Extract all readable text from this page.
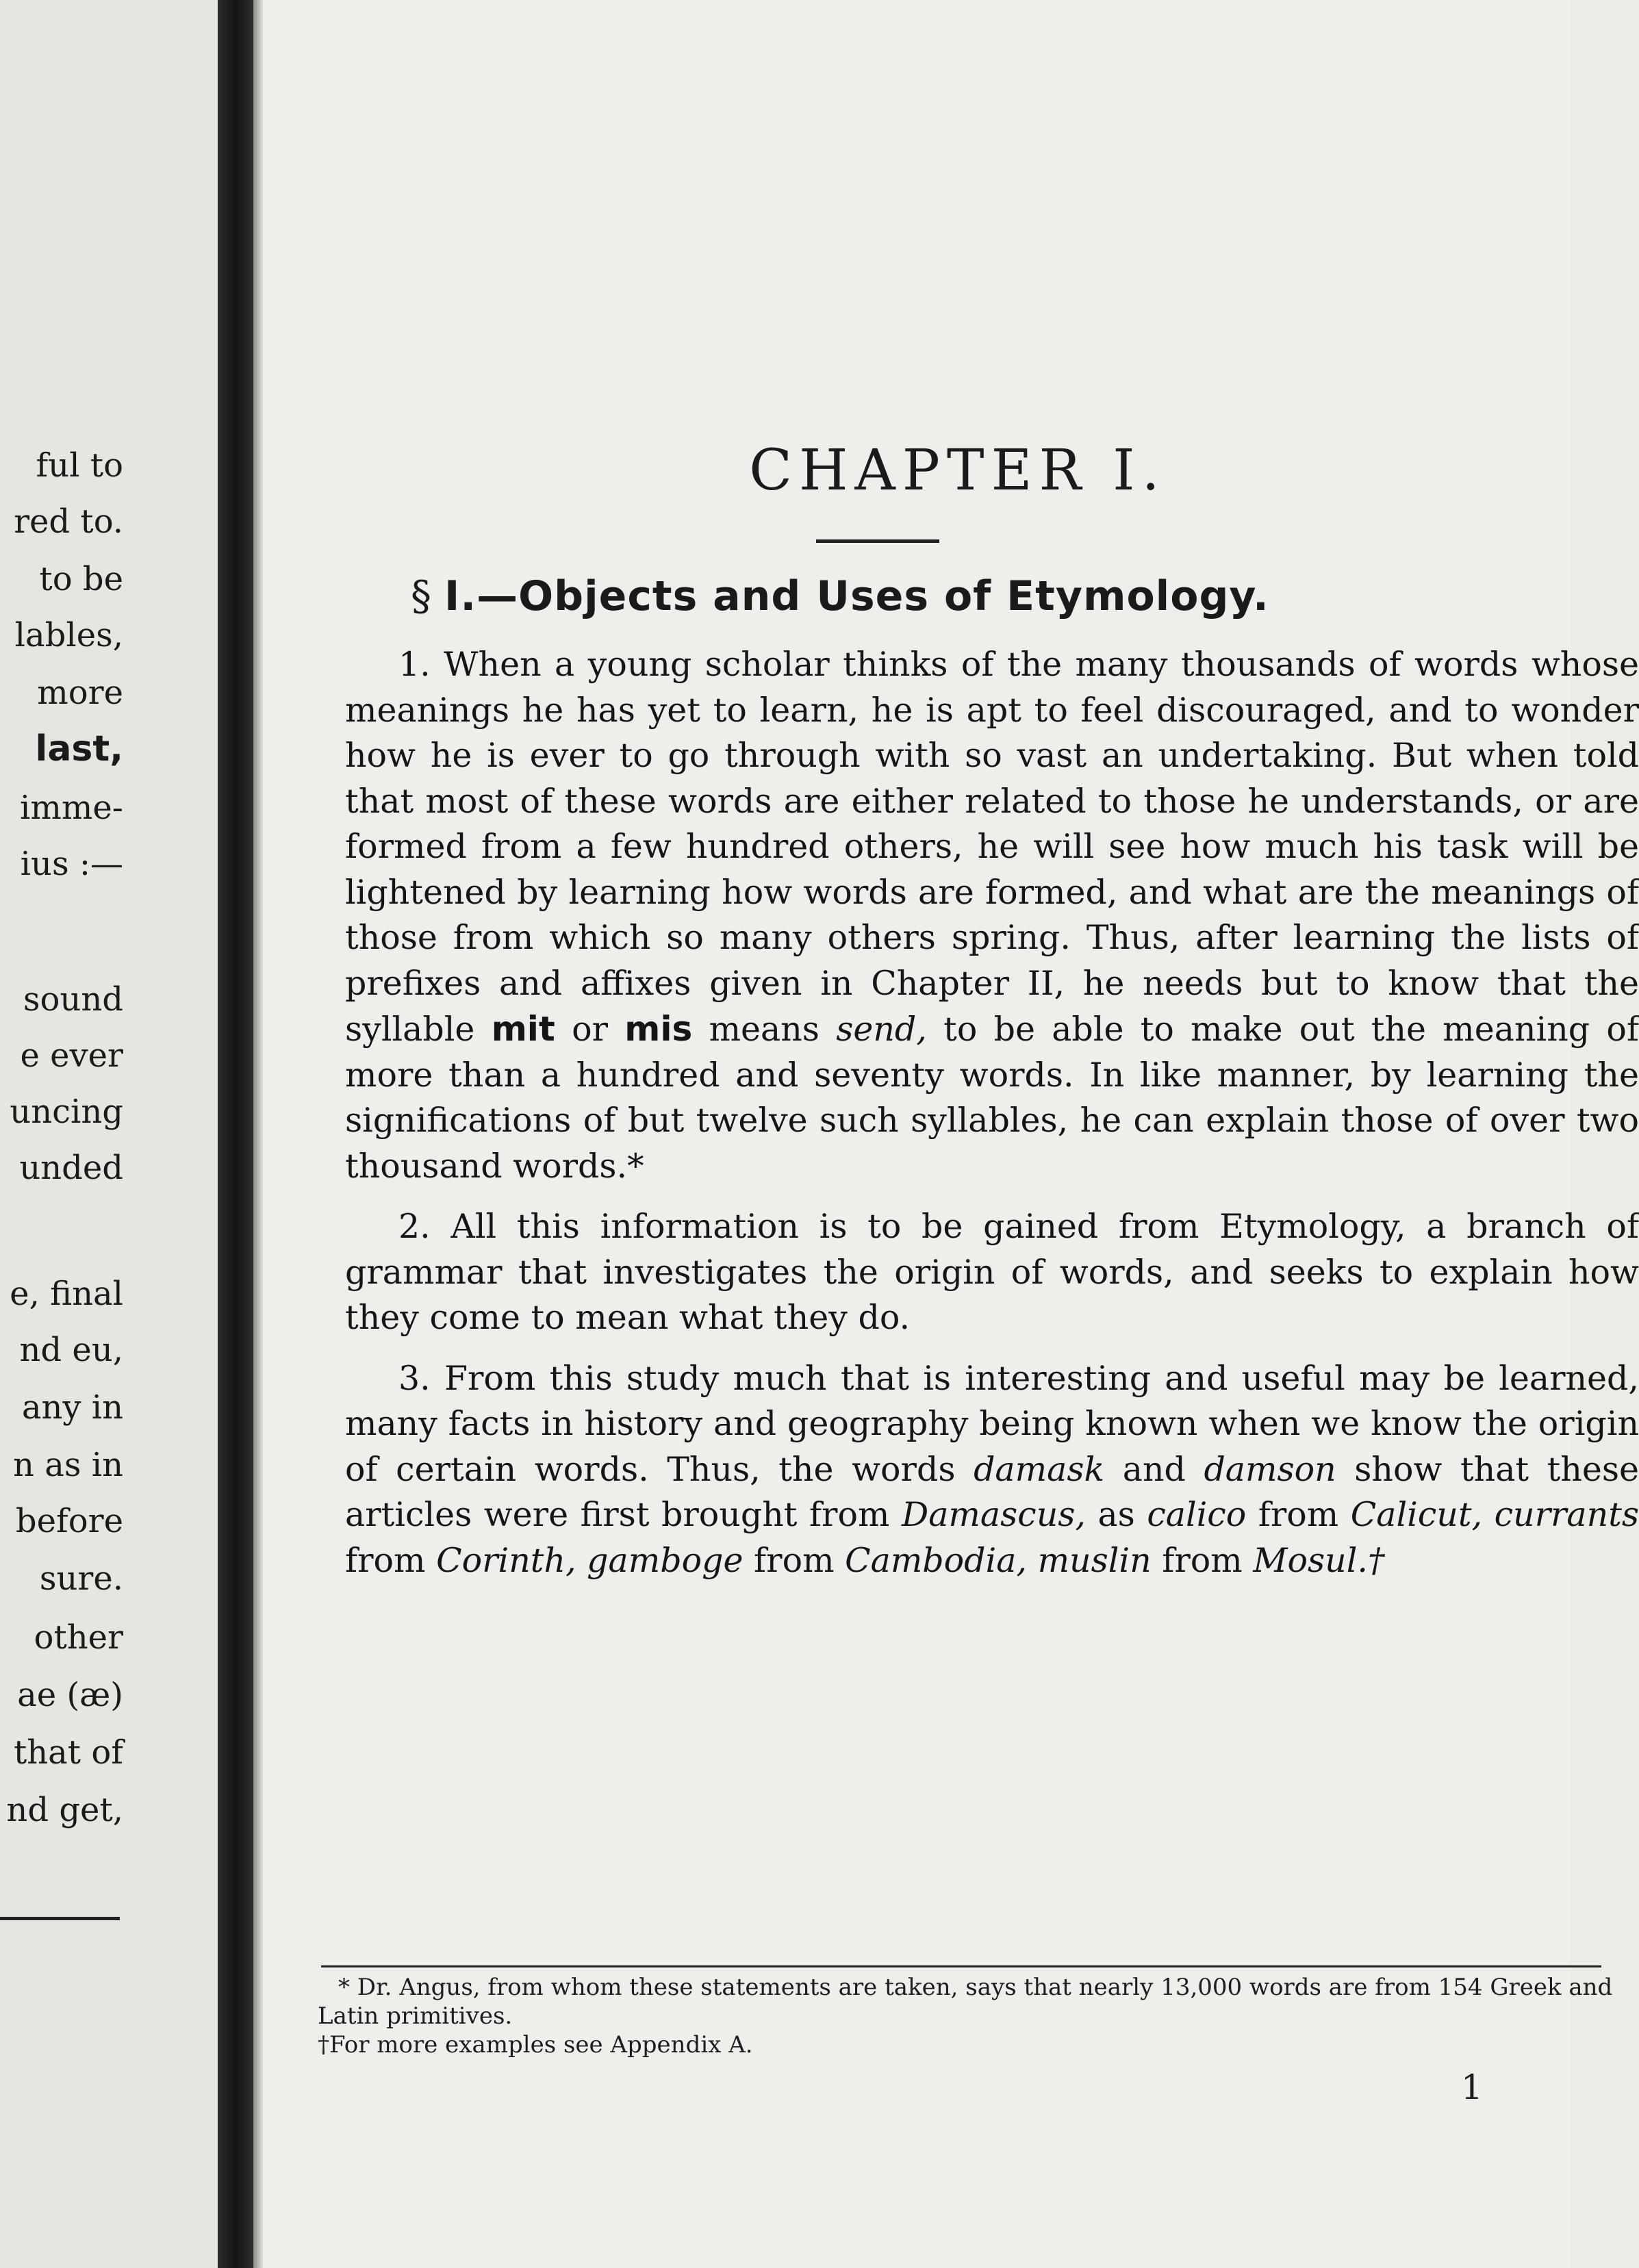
ful to
red to.
to be
lables,
more
last,
imme-
ius :—
sound
e ever
uncing
unded
e, final
nd eu,
any in
n as in
before
sure.
other
ae (æ)
that of
nd get,
CHAPTER I.
§ I.—Objects and Uses of Etymology.

1. When a young scholar thinks of the many thousands of words whose meanings he has yet to learn, he is apt to feel discouraged, and to wonder how he is ever to go through with so vast an undertaking. But when told that most of these words are either related to those he understands, or are formed from a few hundred others, he will see how much his task will be lightened by learning how words are formed, and what are the meanings of those from which so many others spring. Thus, after learning the lists of prefixes and affixes given in Chapter II, he needs but to know that the syllable mit or mis means send, to be able to make out the meaning of more than a hundred and seventy words. In like manner, by learning the significations of but twelve such syllables, he can explain those of over two thousand words.*

2. All this information is to be gained from Etymology, a branch of grammar that investigates the origin of words, and seeks to explain how they come to mean what they do.

3. From this study much that is interesting and useful may be learned, many facts in history and geography being known when we know the origin of certain words. Thus, the words damask and damson show that these articles were first brought from Damascus, as calico from Calicut, currants from Corinth, gamboge from Cambodia, muslin from Mosul.†

* Dr. Angus, from whom these statements are taken, says that nearly 13,000 words are from 154 Greek and Latin primitives.

†For more examples see Appendix A.

1
